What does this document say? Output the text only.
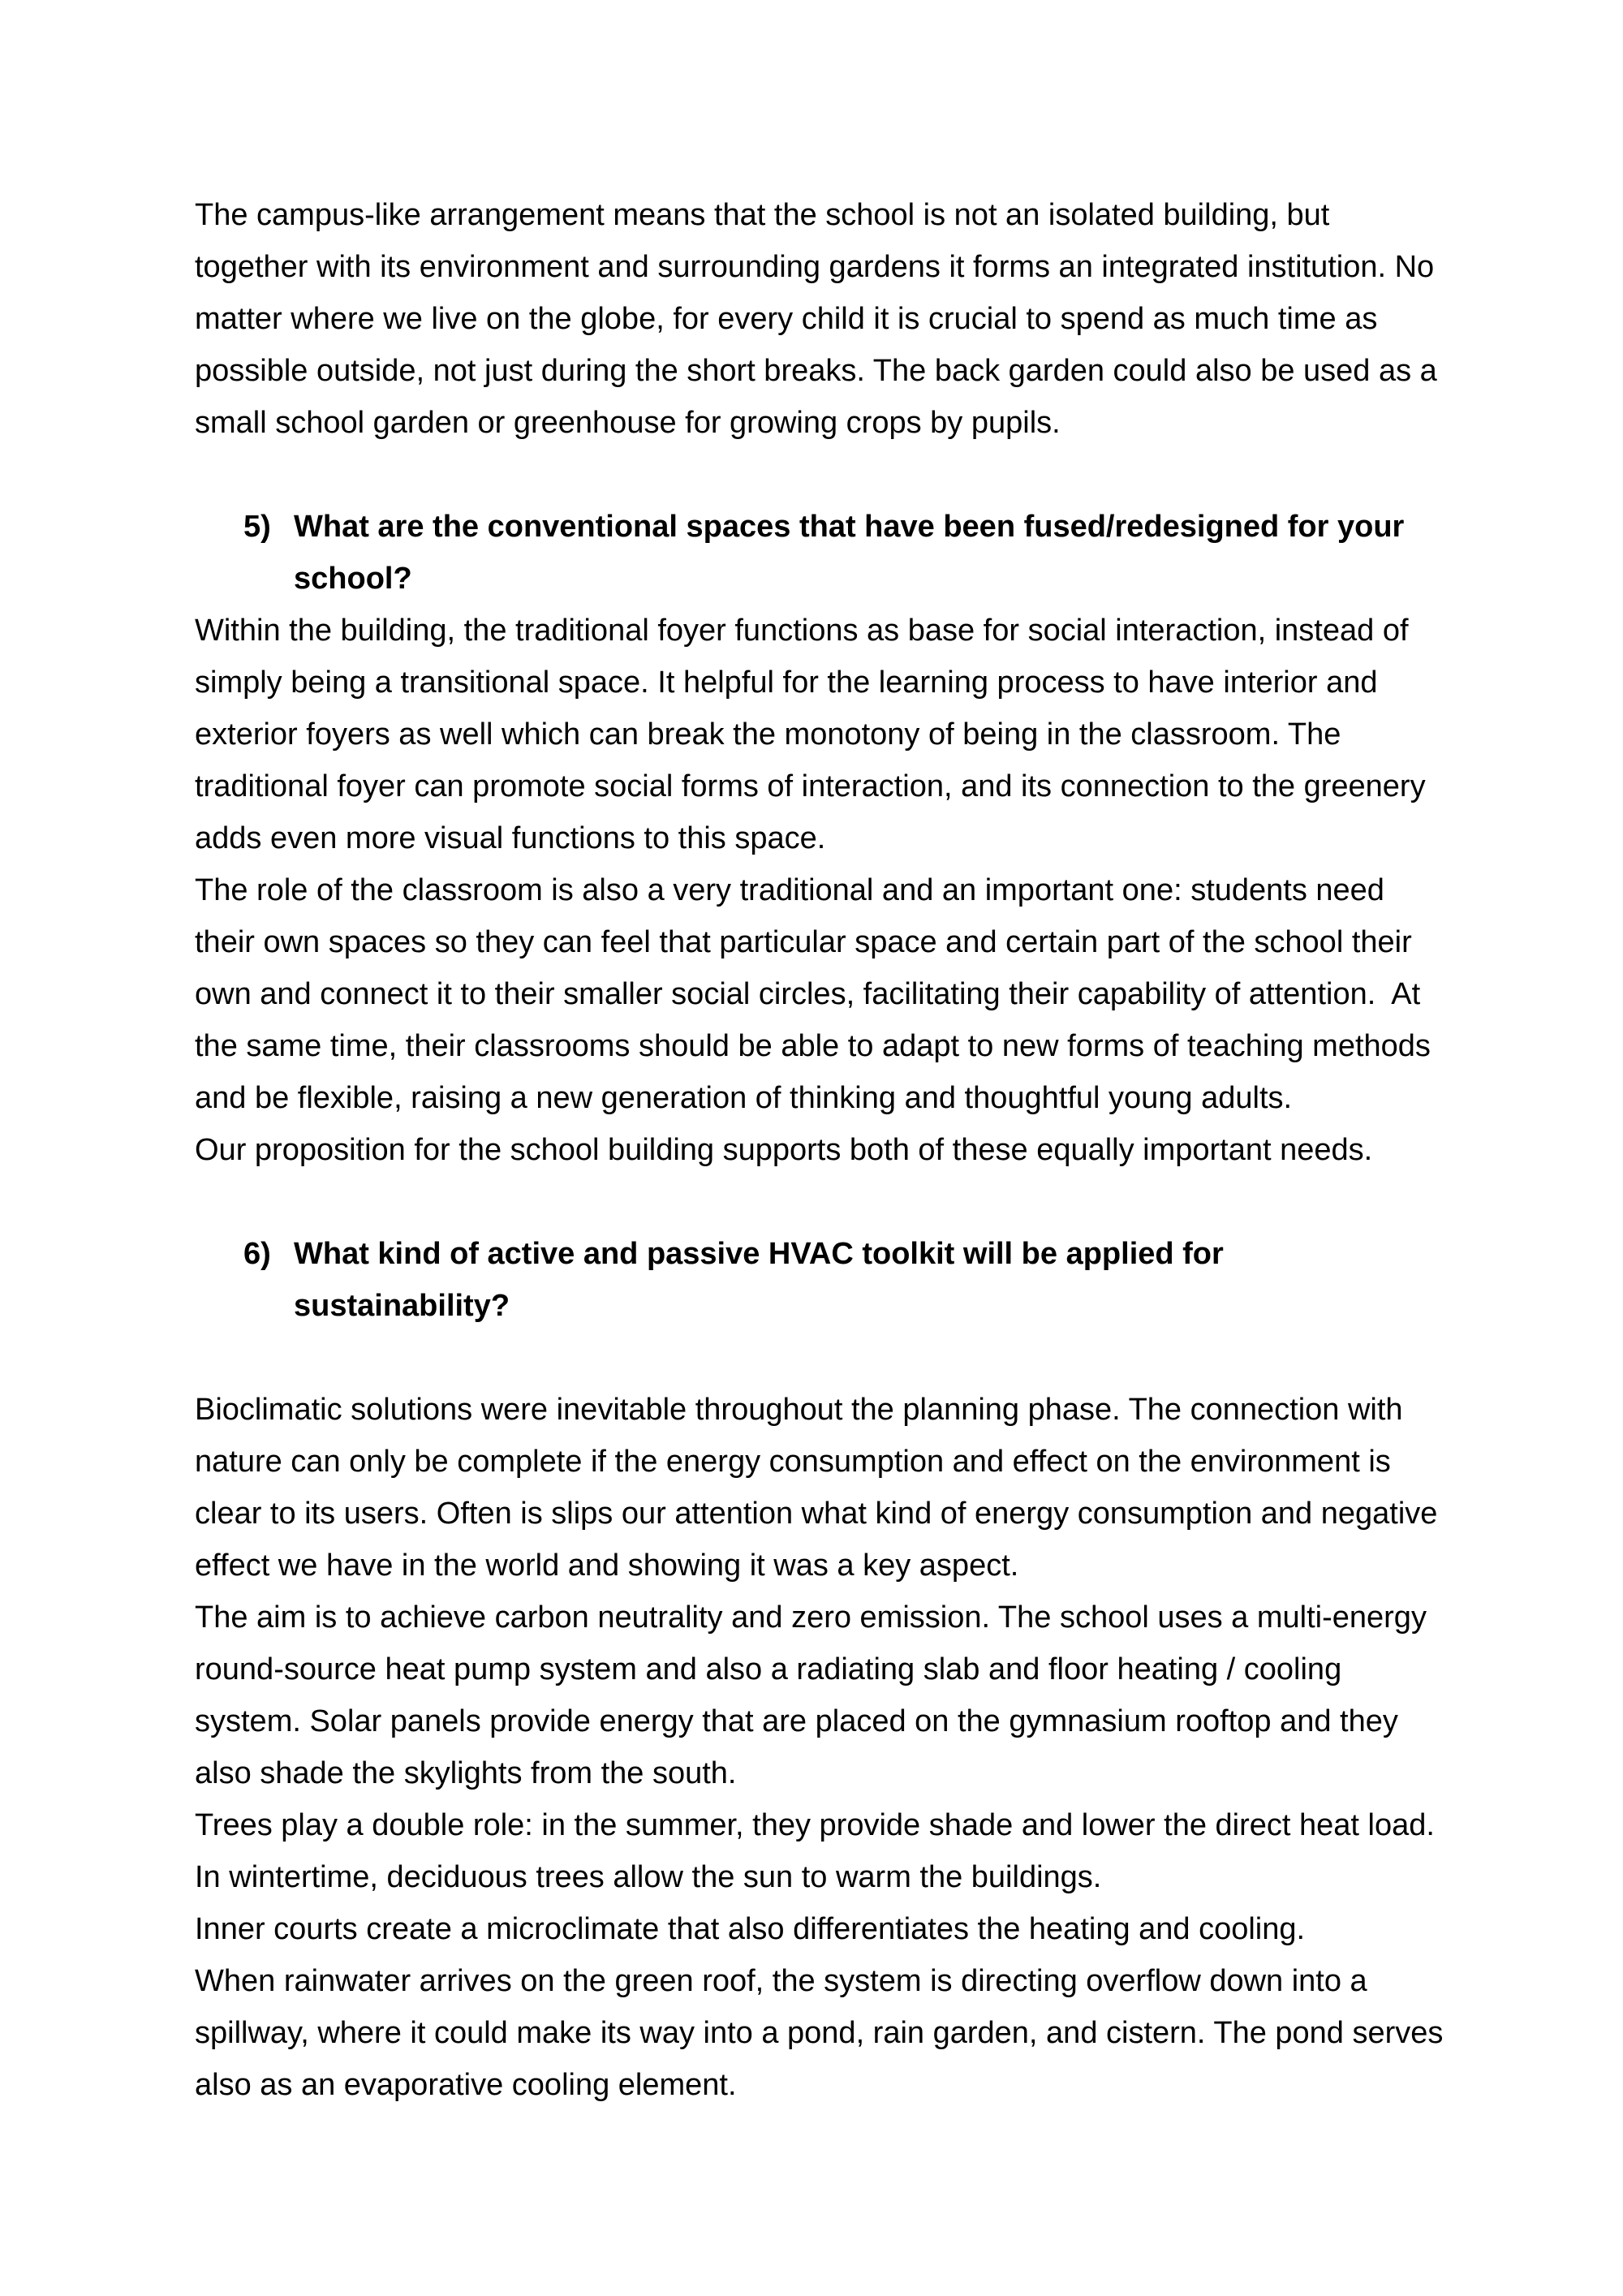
The campus-like arrangement means that the school is not an isolated building, but together with its environment and surrounding gardens it forms an integrated institution. No matter where we live on the globe, for every child it is crucial to spend as much time as possible outside, not just during the short breaks. The back garden could also be used as a small school garden or greenhouse for growing crops by pupils.

5) What are the conventional spaces that have been fused/redesigned for your school?

Within the building, the traditional foyer functions as base for social interaction, instead of simply being a transitional space. It helpful for the learning process to have interior and exterior foyers as well which can break the monotony of being in the classroom. The traditional foyer can promote social forms of interaction, and its connection to the greenery adds even more visual functions to this space.

The role of the classroom is also a very traditional and an important one: students need their own spaces so they can feel that particular space and certain part of the school their own and connect it to their smaller social circles, facilitating their capability of attention.  At the same time, their classrooms should be able to adapt to new forms of teaching methods and be flexible, raising a new generation of thinking and thoughtful young adults.

Our proposition for the school building supports both of these equally important needs.

6) What kind of active and passive HVAC toolkit will be applied for sustainability?

Bioclimatic solutions were inevitable throughout the planning phase. The connection with nature can only be complete if the energy consumption and effect on the environment is clear to its users. Often is slips our attention what kind of energy consumption and negative effect we have in the world and showing it was a key aspect.

The aim is to achieve carbon neutrality and zero emission. The school uses a multi-energy round-source heat pump system and also a radiating slab and floor heating / cooling system. Solar panels provide energy that are placed on the gymnasium rooftop and they also shade the skylights from the south.

Trees play a double role: in the summer, they provide shade and lower the direct heat load. In wintertime, deciduous trees allow the sun to warm the buildings.

Inner courts create a microclimate that also differentiates the heating and cooling.

When rainwater arrives on the green roof, the system is directing overflow down into a spillway, where it could make its way into a pond, rain garden, and cistern. The pond serves also as an evaporative cooling element.
